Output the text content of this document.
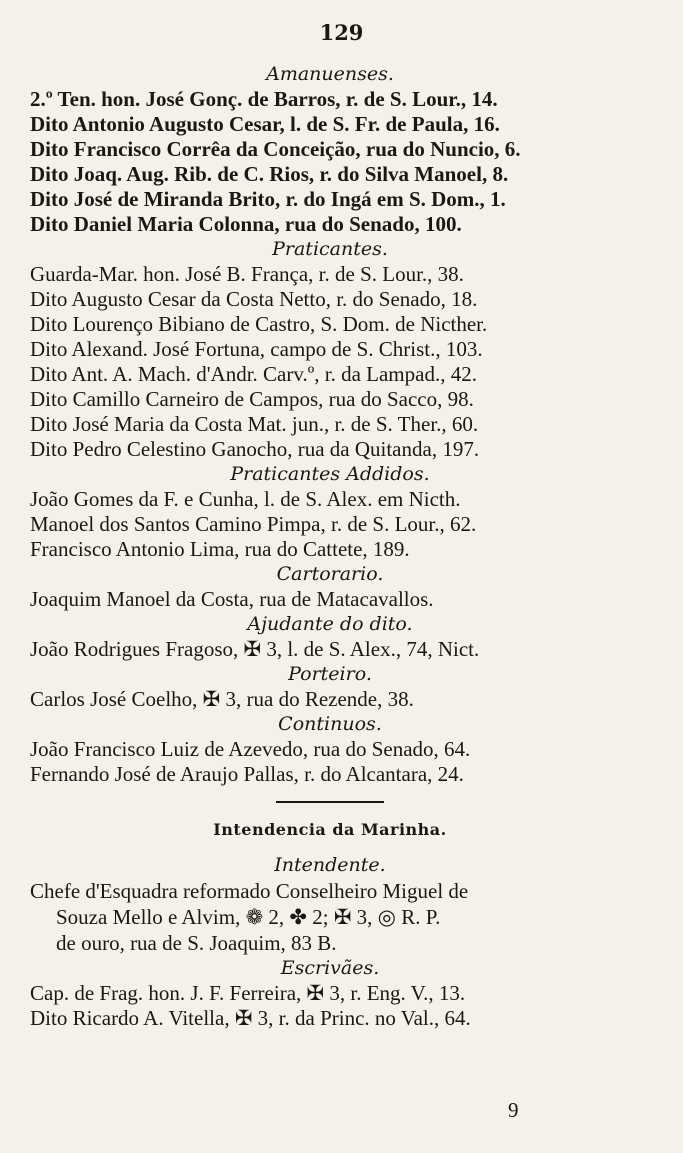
129
Amanuenses.
2.º Ten. hon. José Gonç. de Barros, r. de S. Lour., 14.
Dito Antonio Augusto Cesar, l. de S. Fr. de Paula, 16.
Dito Francisco Corrêa da Conceição, rua do Nuncio, 6.
Dito Joaq. Aug. Rib. de C. Rios, r. do Silva Manoel, 8.
Dito José de Miranda Brito, r. do Ingá em S. Dom., 1.
Dito Daniel Maria Colonna, rua do Senado, 100.
Praticantes.
Guarda-Mar. hon. José B. França, r. de S. Lour., 38.
Dito Augusto Cesar da Costa Netto, r. do Senado, 18.
Dito Lourenço Bibiano de Castro, S. Dom. de Nicther.
Dito Alexand. José Fortuna, campo de S. Christ., 103.
Dito Ant. A. Mach. d'Andr. Carv.º, r. da Lampad., 42.
Dito Camillo Carneiro de Campos, rua do Sacco, 98.
Dito José Maria da Costa Mat. jun., r. de S. Ther., 60.
Dito Pedro Celestino Ganocho, rua da Quitanda, 197.
Praticantes Addidos.
João Gomes da F. e Cunha, l. de S. Alex. em Nicth.
Manoel dos Santos Camino Pimpa, r. de S. Lour., 62.
Francisco Antonio Lima, rua do Cattete, 189.
Cartorario.
Joaquim Manoel da Costa, rua de Matacavallos.
Ajudante do dito.
João Rodrigues Fragoso, ✠ 3, l. de S. Alex., 74, Nict.
Porteiro.
Carlos José Coelho, ✠ 3, rua do Rezende, 38.
Continuos.
João Francisco Luiz de Azevedo, rua do Senado, 64.
Fernando José de Araujo Pallas, r. do Alcantara, 24.
Intendencia da Marinha.
Intendente.
Chefe d'Esquadra reformado Conselheiro Miguel de
Souza Mello e Alvim, ❁ 2, ✤ 2; ✠ 3, ◎ R. P.
de ouro, rua de S. Joaquim, 83 B.
Escrivães.
Cap. de Frag. hon. J. F. Ferreira, ✠ 3, r. Eng. V., 13.
Dito Ricardo A. Vitella, ✠ 3, r. da Princ. no Val., 64.
9
